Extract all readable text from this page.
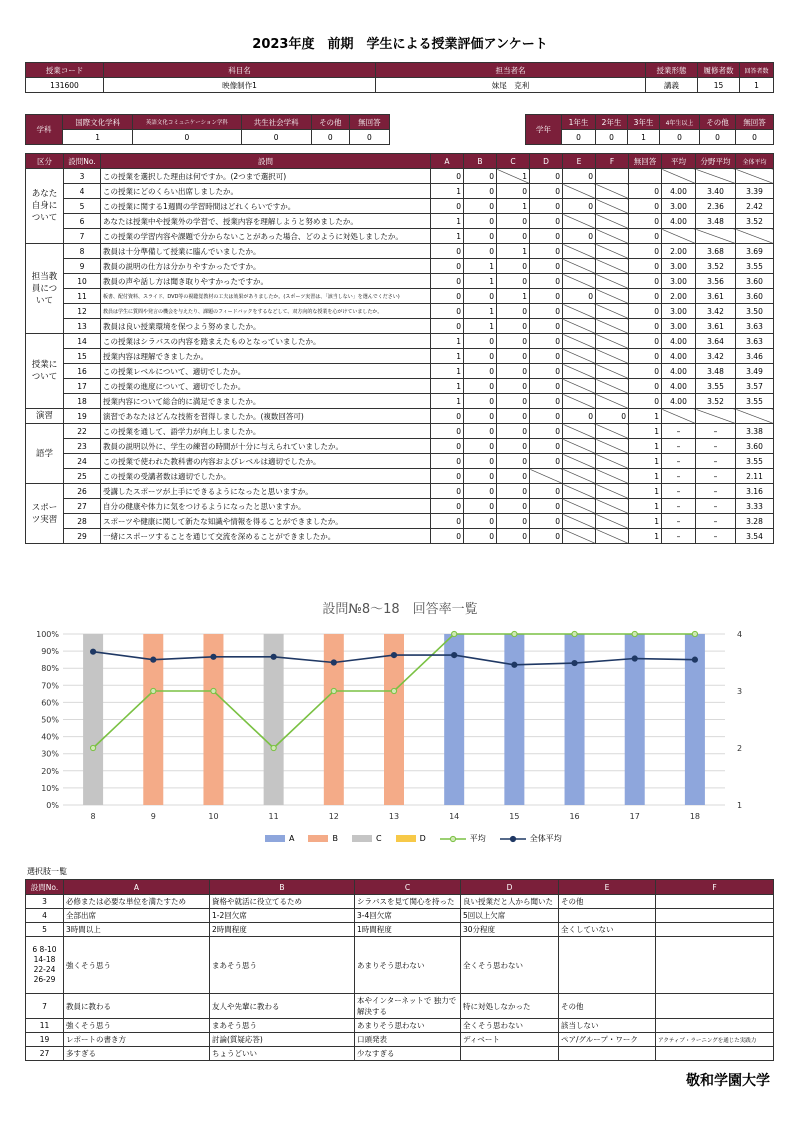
2023年度　前期　学生による授業評価アンケート
授業コード	科目名	担当者名	授業形態	履修者数	回答者数
131600	映像制作1	妹尾　克利	講義	15	1
学科	国際文化学科	英語文化コミュニケーション学科	共生社会学科	その他	無回答
	1	0	0	0	0
学年	1年生	2年生	3年生	4年生以上	その他	無回答
	0	0	1	0	0	0
区分	設問No.	設問	A	B	C	D	E	F	無回答	平均	分野平均	全体平均
あなた自身について	3	この授業を選択した理由は何ですか。(2つまで選択可)	0	0	1	0	0					
	4	この授業にどのくらい出席しましたか。	1	0	0	0			0	4.00	3.40	3.39
	5	この授業に関する1週間の学習時間はどれくらいですか。	0	0	1	0	0		0	3.00	2.36	2.42
	6	あなたは授業中や授業外の学習で、授業内容を理解しようと努めましたか。	1	0	0	0			0	4.00	3.48	3.52
	7	この授業の学習内容や課題で分からないことがあった場合、どのように対処しましたか。	1	0	0	0	0		0			
担当教員について	8	教員は十分準備して授業に臨んでいましたか。	0	0	1	0			0	2.00	3.68	3.69
	9	教員の説明の仕方は分かりやすかったですか。	0	1	0	0			0	3.00	3.52	3.55
	10	教員の声や話し方は聞き取りやすかったですか。	0	1	0	0			0	3.00	3.56	3.60
	11	板書、配付資料、スライド、DVD等の視聴覚教材の工夫は効果がありましたか。(スポーツ実習は、「該当しない」を選んでください)	0	0	1	0	0		0	2.00	3.61	3.60
	12	教員は学生に質問や発言の機会を与えたり、課題のフィードバックをするなどして、双方向的な授業を心がけていましたか。	0	1	0	0			0	3.00	3.42	3.50
	13	教員は良い授業環境を保つよう努めましたか。	0	1	0	0			0	3.00	3.61	3.63
授業について	14	この授業はシラバスの内容を踏まえたものとなっていましたか。	1	0	0	0			0	4.00	3.64	3.63
	15	授業内容は理解できましたか。	1	0	0	0			0	4.00	3.42	3.46
	16	この授業レベルについて、適切でしたか。	1	0	0	0			0	4.00	3.48	3.49
	17	この授業の進度について、適切でしたか。	1	0	0	0			0	4.00	3.55	3.57
	18	授業内容について総合的に満足できましたか。	1	0	0	0			0	4.00	3.52	3.55
演習	19	演習であなたはどんな技術を習得しましたか。(複数回答可)	0	0	0	0	0	0	1			
語学	22	この授業を通して、語学力が向上しましたか。	0	0	0	0			1	–	–	3.38
	23	教員の説明以外に、学生の練習の時間が十分に与えられていましたか。	0	0	0	0			1	–	–	3.60
	24	この授業で使われた教科書の内容およびレベルは適切でしたか。	0	0	0	0			1	–	–	3.55
	25	この授業の受講者数は適切でしたか。	0	0	0				1	–	–	2.11
スポーツ実習	26	受講したスポーツが上手にできるようになったと思いますか。	0	0	0	0			1	–	–	3.16
	27	自分の健康や体力に気をつけるようになったと思いますか。	0	0	0	0			1	–	–	3.33
	28	スポーツや健康に関して新たな知識や情報を得ることができましたか。	0	0	0	0			1	–	–	3.28
	29	一緒にスポーツすることを通じて交流を深めることができましたか。	0	0	0	0			1	–	–	3.54
設問№8～18　回答率一覧
0%
10%
20%
30%
40%
50%
60%
70%
80%
90%
100%
1
2
3
4
8	9	10	11	12	13	14	15	16	17	18
A	B	C	D	平均	全体平均
選択肢一覧
設問No.	A	B	C	D	E	F
3	必修または必要な単位を満たすため	資格や就活に役立てるため	シラバスを見て関心を持った	良い授業だと人から聞いた	その他	
4	全部出席	1-2回欠席	3-4回欠席	5回以上欠席		
5	3時間以上	2時間程度	1時間程度	30分程度	全くしていない	
6 8-10 14-18 22-24 26-29	強くそう思う	まあそう思う	あまりそう思わない	全くそう思わない		
7	教員に教わる	友人や先輩に教わる	本やインターネットで 独力で解決する	特に対処しなかった	その他	
11	強くそう思う	まあそう思う	あまりそう思わない	全くそう思わない	該当しない	
19	レポートの書き方	討論(質疑応答)	口頭発表	ディベート	ペア/グループ・ワーク	アクティブ・ラーニングを通じた実践力
27	多すぎる	ちょうどいい	少なすぎる			
敬和学園大学
